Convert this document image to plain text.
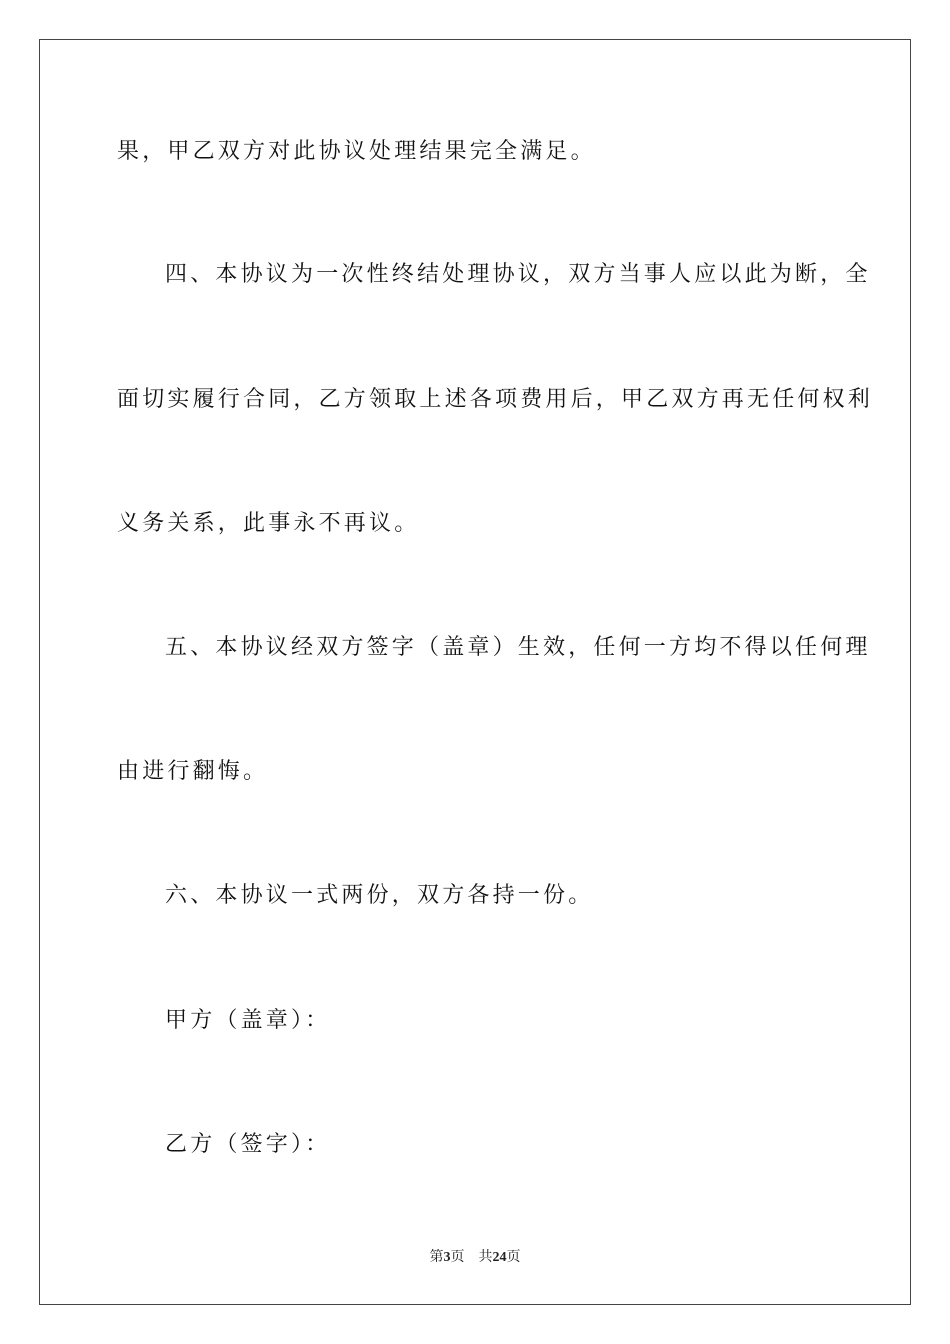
果，甲乙双方对此协议处理结果完全满足。
四、本协议为一次性终结处理协议，双方当事人应以此为断，全
面切实履行合同，乙方领取上述各项费用后，甲乙双方再无任何权利
义务关系，此事永不再议。
五、本协议经双方签字（盖章）生效，任何一方均不得以任何理
由进行翻悔。
六、本协议一式两份，双方各持一份。
甲方（盖章）：
乙方（签字）：
第3页 共24页
